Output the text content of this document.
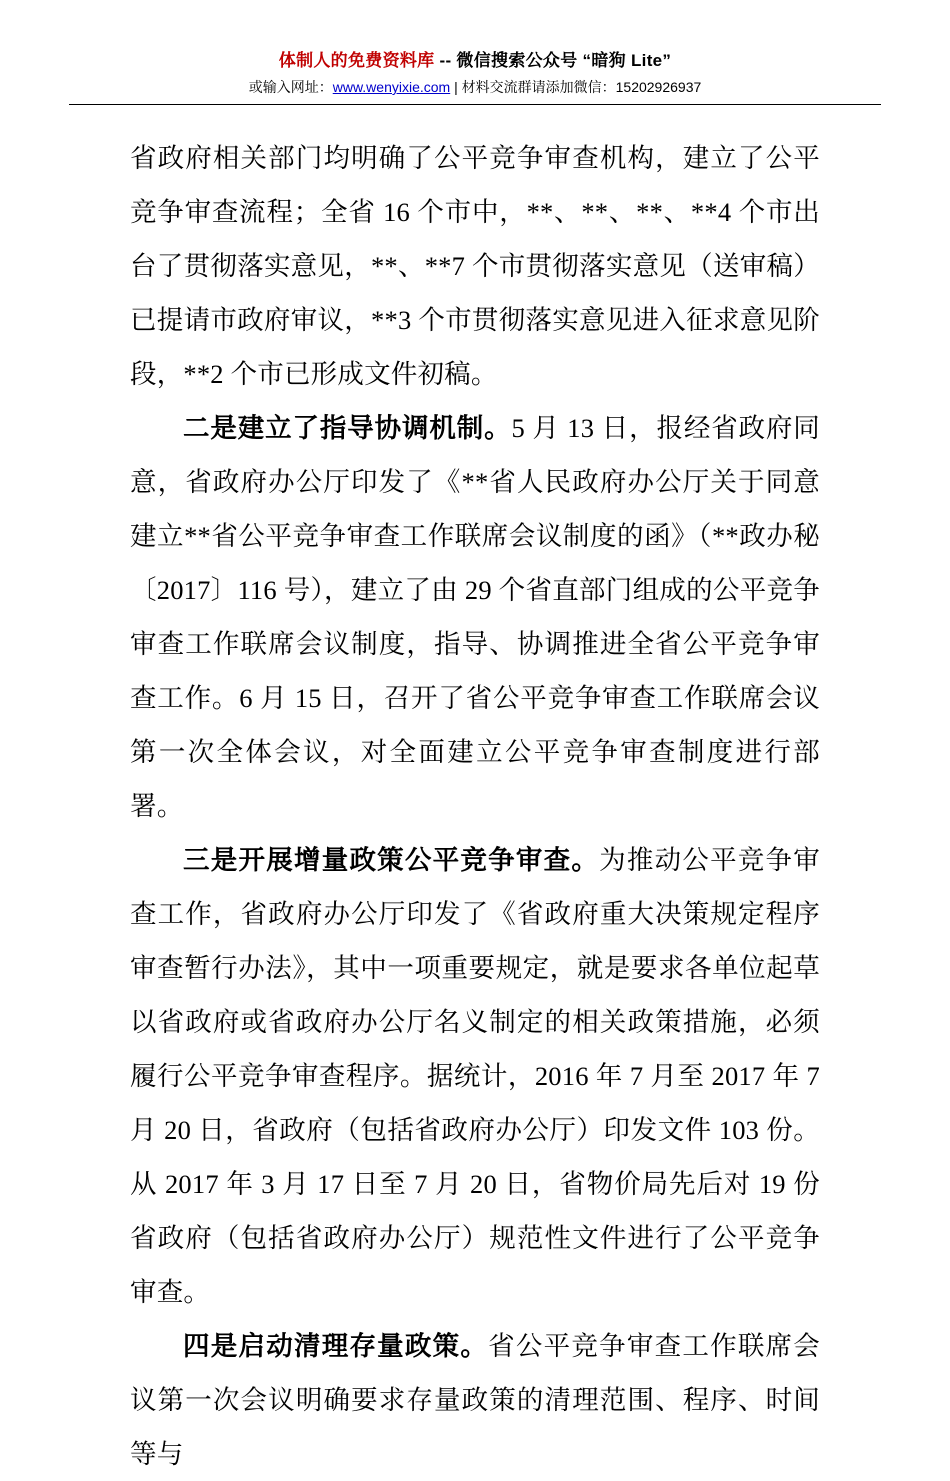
体制人的免费资料库 -- 微信搜索公众号 “暗狗 Lite”
或输入网址：www.wenyixie.com | 材料交流群请添加微信：15202926937

省政府相关部门均明确了公平竞争审查机构，建立了公平竞争审查流程；全省 16 个市中，**、**、**、**4 个市出台了贯彻落实意见，**、**7 个市贯彻落实意见（送审稿）已提请市政府审议，**3 个市贯彻落实意见进入征求意见阶段，**2 个市已形成文件初稿。

二是建立了指导协调机制。5 月 13 日，报经省政府同意，省政府办公厅印发了《**省人民政府办公厅关于同意建立**省公平竞争审查工作联席会议制度的函》（**政办秘〔2017〕116 号），建立了由 29 个省直部门组成的公平竞争审查工作联席会议制度，指导、协调推进全省公平竞争审查工作。6 月 15 日，召开了省公平竞争审查工作联席会议第一次全体会议，对全面建立公平竞争审查制度进行部署。

三是开展增量政策公平竞争审查。为推动公平竞争审查工作，省政府办公厅印发了《省政府重大决策规定程序审查暂行办法》，其中一项重要规定，就是要求各单位起草以省政府或省政府办公厅名义制定的相关政策措施，必须履行公平竞争审查程序。据统计，2016 年 7 月至 2017 年 7 月 20 日，省政府（包括省政府办公厅）印发文件 103 份。从 2017 年 3 月 17 日至 7 月 20 日，省物价局先后对 19 份省政府（包括省政府办公厅）规范性文件进行了公平竞争审查。

四是启动清理存量政策。省公平竞争审查工作联席会议第一次会议明确要求存量政策的清理范围、程序、时间等与
